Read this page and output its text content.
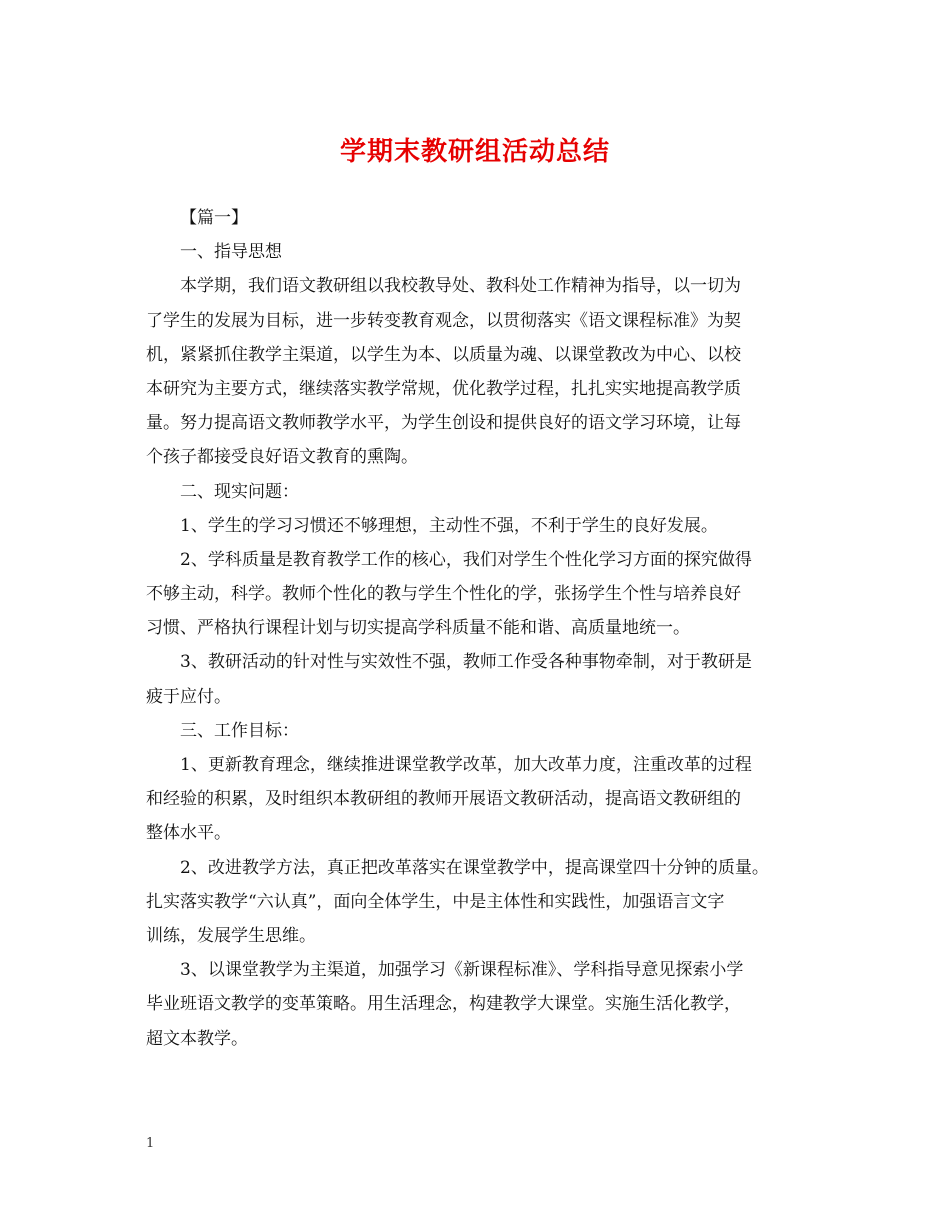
学期末教研组活动总结
【篇一】
一、指导思想
本学期，我们语文教研组以我校教导处、教科处工作精神为指导，以一切为
了学生的发展为目标，进一步转变教育观念，以贯彻落实《语文课程标准》为契
机，紧紧抓住教学主渠道，以学生为本、以质量为魂、以课堂教改为中心、以校
本研究为主要方式，继续落实教学常规，优化教学过程，扎扎实实地提高教学质
量。努力提高语文教师教学水平，为学生创设和提供良好的语文学习环境，让每
个孩子都接受良好语文教育的熏陶。
二、现实问题：
1、学生的学习习惯还不够理想，主动性不强，不利于学生的良好发展。
2、学科质量是教育教学工作的核心，我们对学生个性化学习方面的探究做得
不够主动，科学。教师个性化的教与学生个性化的学，张扬学生个性与培养良好
习惯、严格执行课程计划与切实提高学科质量不能和谐、高质量地统一。
3、教研活动的针对性与实效性不强，教师工作受各种事物牵制，对于教研是
疲于应付。
三、工作目标：
1、更新教育理念，继续推进课堂教学改革，加大改革力度，注重改革的过程
和经验的积累，及时组织本教研组的教师开展语文教研活动，提高语文教研组的
整体水平。
2、改进教学方法，真正把改革落实在课堂教学中，提高课堂四十分钟的质量。
扎实落实教学“六认真”，面向全体学生，中是主体性和实践性，加强语言文字
训练，发展学生思维。
3、以课堂教学为主渠道，加强学习《新课程标准》、学科指导意见探索小学
毕业班语文教学的变革策略。用生活理念，构建教学大课堂。实施生活化教学，
超文本教学。
1
